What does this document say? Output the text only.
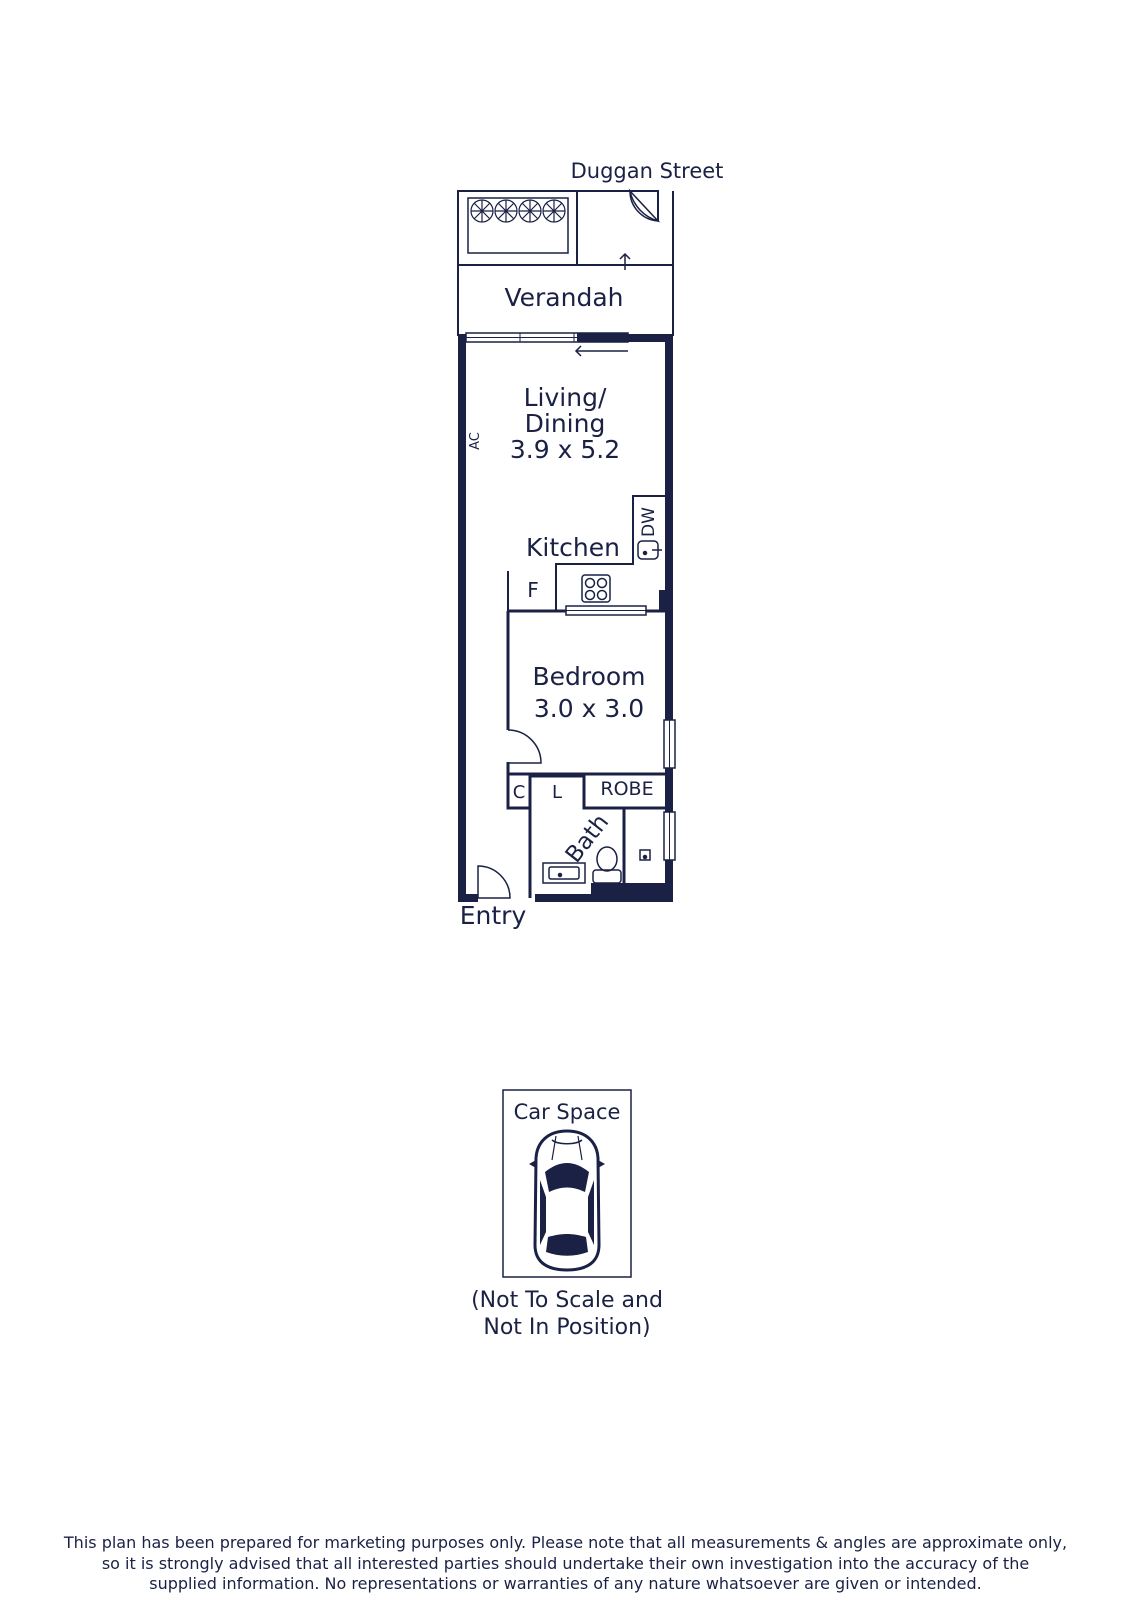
Verandah
Duggan Street
Living/
Dining
3.9 x 5.2
AC
DW
Kitchen
F
Bedroom
3.0 x 3.0
C L ROBE
Bath
Entry
Car Space
(Not To Scale and
Not In Position)
This plan has been prepared for marketing purposes only. Please note that all measurements & angles are approximate only,
so it is strongly advised that all interested parties should undertake their own investigation into the accuracy of the
supplied information. No representations or warranties of any nature whatsoever are given or intended.
